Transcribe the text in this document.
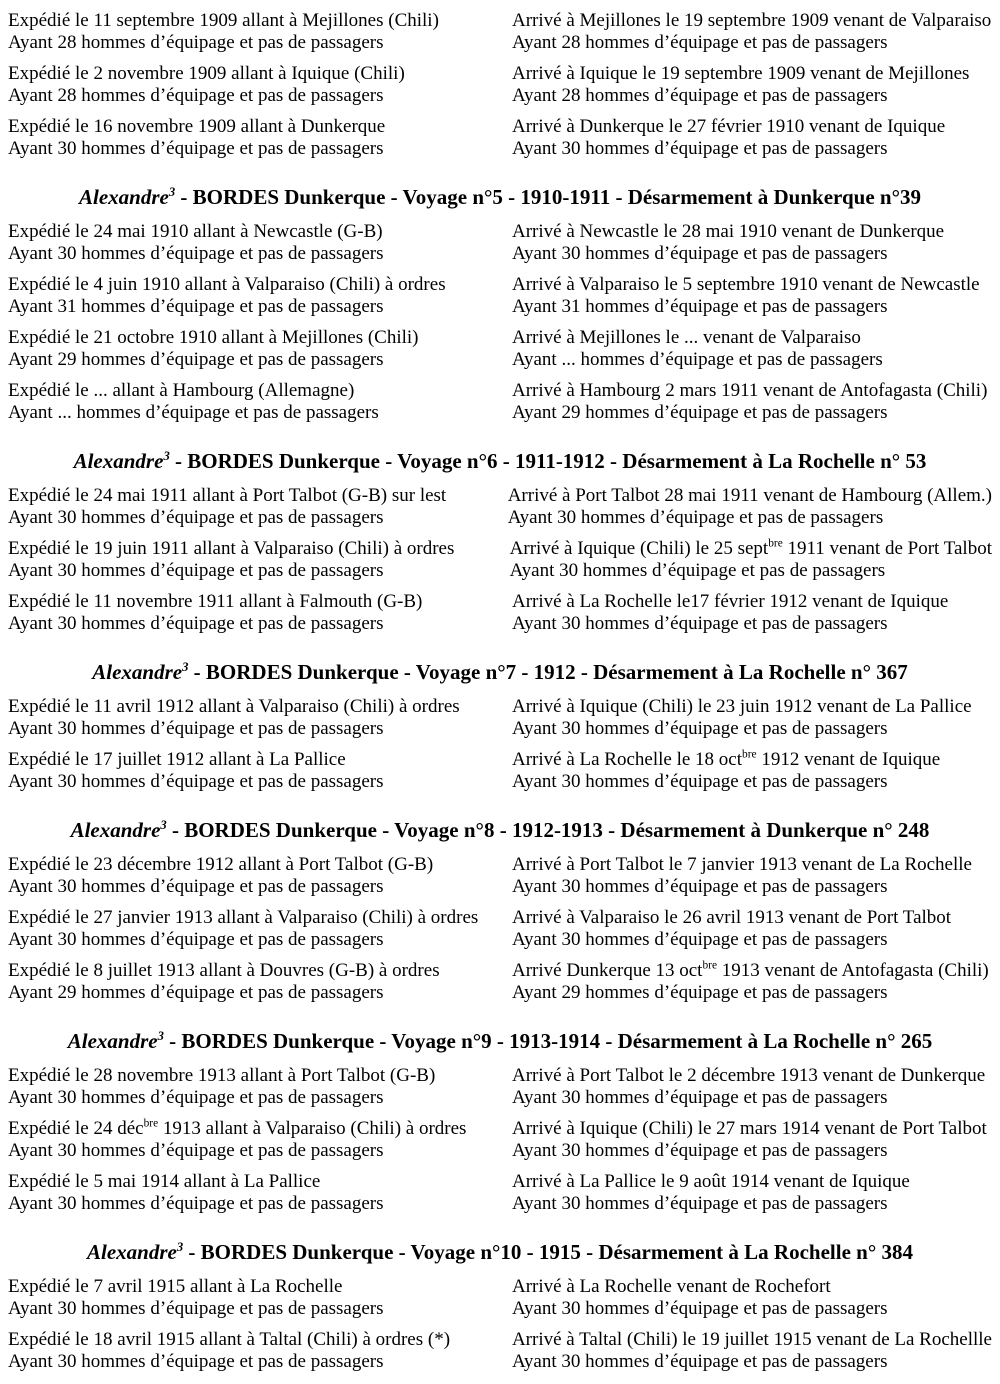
Expédié le 11 septembre 1909 allant à Mejillones (Chili)

Ayant 28 hommes d’équipage et pas de passagers

Arrivé à Mejillones le 19 septembre 1909 venant de Valparaiso

Ayant 28 hommes d’équipage et pas de passagers

Expédié le 2 novembre 1909 allant à Iquique (Chili)

Ayant 28 hommes d’équipage et pas de passagers

Arrivé à Iquique le 19 septembre 1909 venant de Mejillones

Ayant 28 hommes d’équipage et pas de passagers

Expédié le 16 novembre 1909 allant à Dunkerque

Ayant 30 hommes d’équipage et pas de passagers

Arrivé à Dunkerque le 27 février 1910 venant de Iquique

Ayant 30 hommes d’équipage et pas de passagers

Alexandre$^3$ - BORDES Dunkerque - Voyage n°5 - 1910-1911 - Désarmement à Dunkerque n°39

Expédié le 24 mai 1910 allant à Newcastle (G-B)

Ayant 30 hommes d’équipage et pas de passagers

Arrivé à Newcastle le 28 mai 1910 venant de Dunkerque

Ayant 30 hommes d’équipage et pas de passagers

Expédié le 4 juin 1910 allant à Valparaiso (Chili) à ordres

Ayant 31 hommes d’équipage et pas de passagers

Arrivé à Valparaiso le 5 septembre 1910 venant de Newcastle

Ayant 31 hommes d’équipage et pas de passagers

Expédié le 21 octobre 1910 allant à Mejillones (Chili)

Ayant 29 hommes d’équipage et pas de passagers

Arrivé à Mejillones le ... venant de Valparaiso

Ayant ... hommes d’équipage et pas de passagers

Expédié le ... allant à Hambourg (Allemagne)

Ayant ... hommes d’équipage et pas de passagers

Arrivé à Hambourg 2 mars 1911 venant de Antofagasta (Chili)

Ayant 29 hommes d’équipage et pas de passagers

Alexandre$^3$ - BORDES Dunkerque - Voyage n°6 - 1911-1912 - Désarmement à La Rochelle n° 53

Expédié le 24 mai 1911 allant à Port Talbot (G-B) sur lest

Ayant 30 hommes d’équipage et pas de passagers

Arrivé à Port Talbot 28 mai 1911 venant de Hambourg (Allem.)

Ayant 30 hommes d’équipage et pas de passagers

Expédié le 19 juin 1911 allant à Valparaiso (Chili) à ordres

Ayant 30 hommes d’équipage et pas de passagers

Arrivé à Iquique (Chili) le 25 sept$^{bre}$ 1911 venant de Port Talbot

Ayant 30 hommes d’équipage et pas de passagers

Expédié le 11 novembre 1911 allant à Falmouth (G-B)

Ayant 30 hommes d’équipage et pas de passagers

Arrivé à La Rochelle le17 février 1912 venant de Iquique

Ayant 30 hommes d’équipage et pas de passagers

Alexandre$^3$ - BORDES Dunkerque - Voyage n°7 - 1912 - Désarmement à La Rochelle n° 367

Expédié le 11 avril 1912 allant à Valparaiso (Chili) à ordres

Ayant 30 hommes d’équipage et pas de passagers

Arrivé à Iquique (Chili) le 23 juin 1912 venant de La Pallice

Ayant 30 hommes d’équipage et pas de passagers

Expédié le 17 juillet 1912 allant à La Pallice

Ayant 30 hommes d’équipage et pas de passagers

Arrivé à La Rochelle le 18 oct$^{bre}$ 1912 venant de Iquique

Ayant 30 hommes d’équipage et pas de passagers

Alexandre$^3$ - BORDES Dunkerque - Voyage n°8 - 1912-1913 - Désarmement à Dunkerque n° 248

Expédié le 23 décembre 1912 allant à Port Talbot (G-B)

Ayant 30 hommes d’équipage et pas de passagers

Arrivé à Port Talbot le 7 janvier 1913 venant de La Rochelle

Ayant 30 hommes d’équipage et pas de passagers

Expédié le 27 janvier 1913 allant à Valparaiso (Chili) à ordres

Ayant 30 hommes d’équipage et pas de passagers

Arrivé à Valparaiso le 26 avril 1913 venant de Port Talbot

Ayant 30 hommes d’équipage et pas de passagers

Expédié le 8 juillet 1913 allant à Douvres (G-B) à ordres

Ayant 29 hommes d’équipage et pas de passagers

Arrivé Dunkerque 13 oct$^{bre}$ 1913 venant de Antofagasta (Chili)

Ayant 29 hommes d’équipage et pas de passagers

Alexandre$^3$ - BORDES Dunkerque - Voyage n°9 - 1913-1914 - Désarmement à La Rochelle n° 265

Expédié le 28 novembre 1913 allant à Port Talbot (G-B)

Ayant 30 hommes d’équipage et pas de passagers

Arrivé à Port Talbot le 2 décembre 1913 venant de Dunkerque

Ayant 30 hommes d’équipage et pas de passagers

Expédié le 24 déc$^{bre}$ 1913 allant à Valparaiso (Chili) à ordres

Ayant 30 hommes d’équipage et pas de passagers

Arrivé à Iquique (Chili) le 27 mars 1914 venant de Port Talbot

Ayant 30 hommes d’équipage et pas de passagers

Expédié le 5 mai 1914 allant à La Pallice

Ayant 30 hommes d’équipage et pas de passagers

Arrivé à La Pallice le 9 août 1914 venant de Iquique

Ayant 30 hommes d’équipage et pas de passagers

Alexandre$^3$ - BORDES Dunkerque - Voyage n°10 - 1915 - Désarmement à La Rochelle n° 384

Expédié le 7 avril 1915 allant à La Rochelle

Ayant 30 hommes d’équipage et pas de passagers

Arrivé à La Rochelle venant de Rochefort

Ayant 30 hommes d’équipage et pas de passagers

Expédié le 18 avril 1915 allant à Taltal (Chili) à ordres (*)

Ayant 30 hommes d’équipage et pas de passagers

Arrivé à Taltal (Chili) le 19 juillet 1915 venant de La Rochellle

Ayant 30 hommes d’équipage et pas de passagers
